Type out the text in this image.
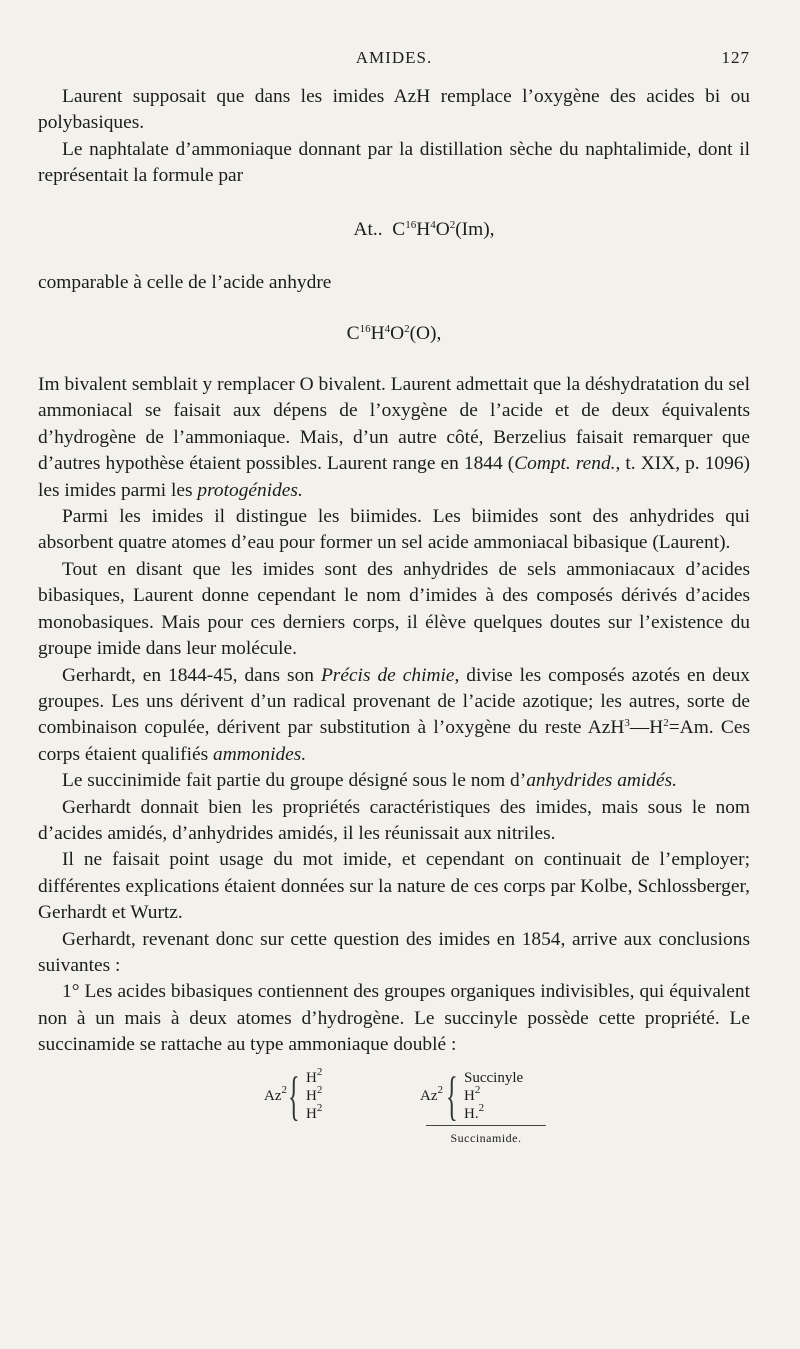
AMIDES.	127

Laurent supposait que dans les imides AzH remplace l’oxygène des acides bi ou polybasiques.

Le naphtalate d’ammoniaque donnant par la distillation sèche du naphtalimide, dont il représentait la formule par

At.. $C^{16}H^4O^2(Im)$,

comparable à celle de l’acide anhydre

$C^{16}H^4O^2(O)$,

Im bivalent semblait y remplacer O bivalent. Laurent admettait que la déshydratation du sel ammoniacal se faisait aux dépens de l’oxygène de l’acide et de deux équivalents d’hydrogène de l’ammoniaque. Mais, d’un autre côté, Berzelius faisait remarquer que d’autres hypothèse étaient possibles. Laurent range en 1844 (Compt. rend., t. XIX, p. 1096) les imides parmi les protogénides.

Parmi les imides il distingue les biimides. Les biimides sont des anhydrides qui absorbent quatre atomes d’eau pour former un sel acide ammoniacal bibasique (Laurent).

Tout en disant que les imides sont des anhydrides de sels ammoniacaux d’acides bibasiques, Laurent donne cependant le nom d’imides à des composés dérivés d’acides monobasiques. Mais pour ces derniers corps, il élève quelques doutes sur l’existence du groupe imide dans leur molécule.

Gerhardt, en 1844-45, dans son Précis de chimie, divise les composés azotés en deux groupes. Les uns dérivent d’un radical provenant de l’acide azotique; les autres, sorte de combinaison copulée, dérivent par substitution à l’oxygène du reste $AzH^3—H^2=Am$. Ces corps étaient qualifiés ammonides.

Le succinimide fait partie du groupe désigné sous le nom d’anhydrides amidés.

Gerhardt donnait bien les propriétés caractéristiques des imides, mais sous le nom d’acides amidés, d’anhydrides amidés, il les réunissait aux nitriles.

Il ne faisait point usage du mot imide, et cependant on continuait de l’employer; différentes explications étaient données sur la nature de ces corps par Kolbe, Schlossberger, Gerhardt et Wurtz.

Gerhardt, revenant donc sur cette question des imides en 1854, arrive aux conclusions suivantes :

1° Les acides bibasiques contiennent des groupes organiques indivisibles, qui équivalent non à un mais à deux atomes d’hydrogène. Le succinyle possède cette propriété. Le succinamide se rattache au type ammoniaque doublé :

Az$^2$ { $H^2$
$H^2$
$H^2$
Az$^2$ { Succinyle
$H^2$
H.$^2$
Succinamide.
